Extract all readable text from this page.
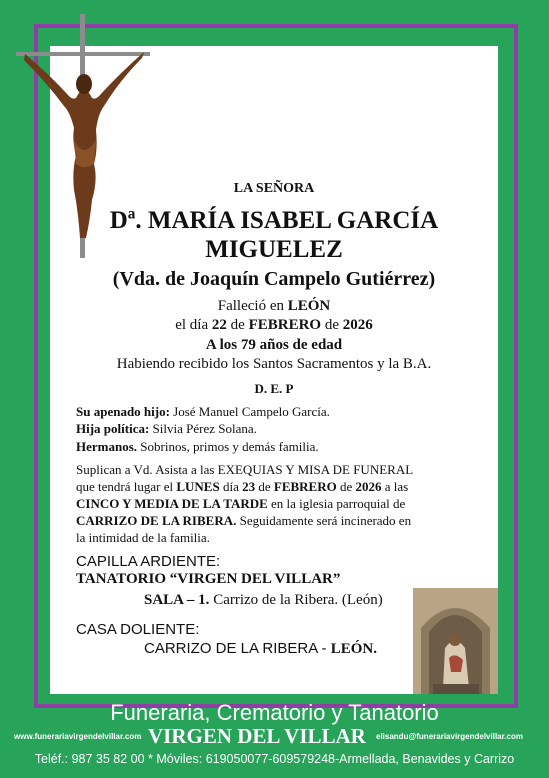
LA SEÑORA
Dª. MARÍA ISABEL GARCÍA
MIGUELEZ
(Vda. de Joaquín Campelo Gutiérrez)
Falleció en LEÓN
el día 22 de FEBRERO de 2026
A los 79 años de edad
Habiendo recibido los Santos Sacramentos y la B.A.
D. E. P
Su apenado hijo: José Manuel Campelo García.
Hija política: Silvia Pérez Solana.
Hermanos. Sobrinos, primos y demás familia.
Suplican a Vd. Asista a las EXEQUIAS Y MISA DE FUNERAL
que tendrá lugar el LUNES día 23 de FEBRERO de 2026 a las
CINCO Y MEDIA DE LA TARDE en la iglesia parroquial de
CARRIZO DE LA RIBERA. Seguidamente será incinerado en
la intimidad de la familia.
CAPILLA ARDIENTE:
TANATORIO “VIRGEN DEL VILLAR”
SALA – 1. Carrizo de la Ribera. (León)
CASA DOLIENTE:
CARRIZO DE LA RIBERA - LEÓN.
Funeraria, Crematorio y Tanatorio
www.funerariavirgendelvillar.com VIRGEN DEL VILLAR elisandu@funerariavirgendelvillar.com
Teléf.: 987 35 82 00 * Móviles: 619050077-609579248-Armellada, Benavides y Carrizo
